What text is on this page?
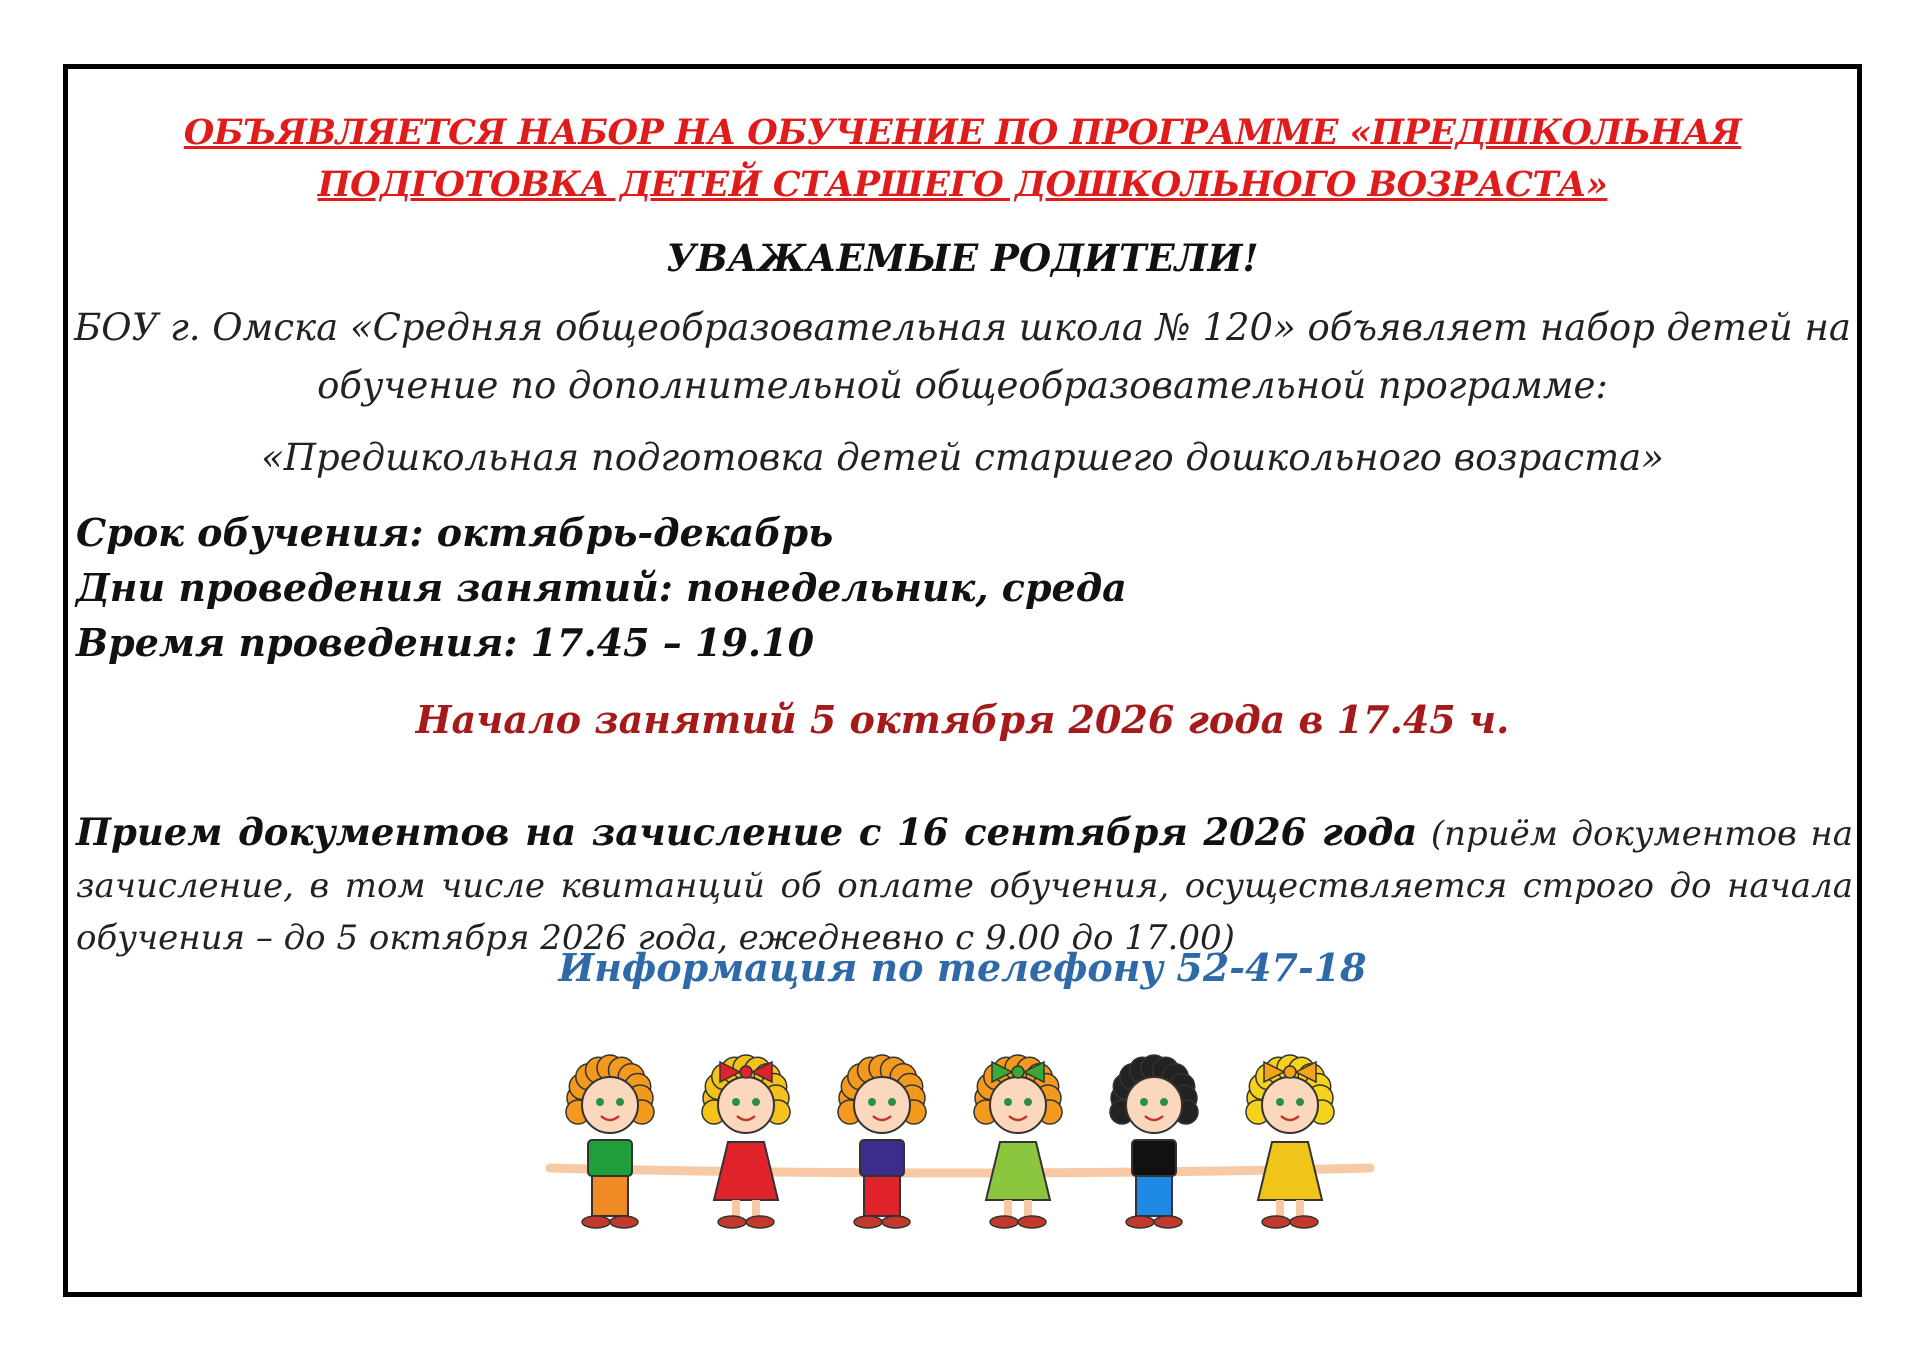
ОБЪЯВЛЯЕТСЯ НАБОР НА ОБУЧЕНИЕ ПО ПРОГРАММЕ «ПРЕДШКОЛЬНАЯ

ПОДГОТОВКА ДЕТЕЙ СТАРШЕГО ДОШКОЛЬНОГО ВОЗРАСТА»

УВАЖАЕМЫЕ РОДИТЕЛИ!

БОУ г. Омска «Средняя общеобразовательная школа № 120» объявляет набор детей на

обучение по дополнительной общеобразовательной программе:

«Предшкольная подготовка детей старшего дошкольного возраста»

Срок обучения: октябрь-декабрь

Дни проведения занятий: понедельник, среда

Время проведения: 17.45 – 19.10

Начало занятий 5 октября 2026 года в 17.45 ч.

Прием документов на зачисление с 16 сентября 2026 года (приём документов на зачисление, в том числе квитанций об оплате обучения, осуществляется строго до начала обучения – до 5 октября 2026 года, ежедневно с 9.00 до 17.00)

Информация по телефону 52-47-18
